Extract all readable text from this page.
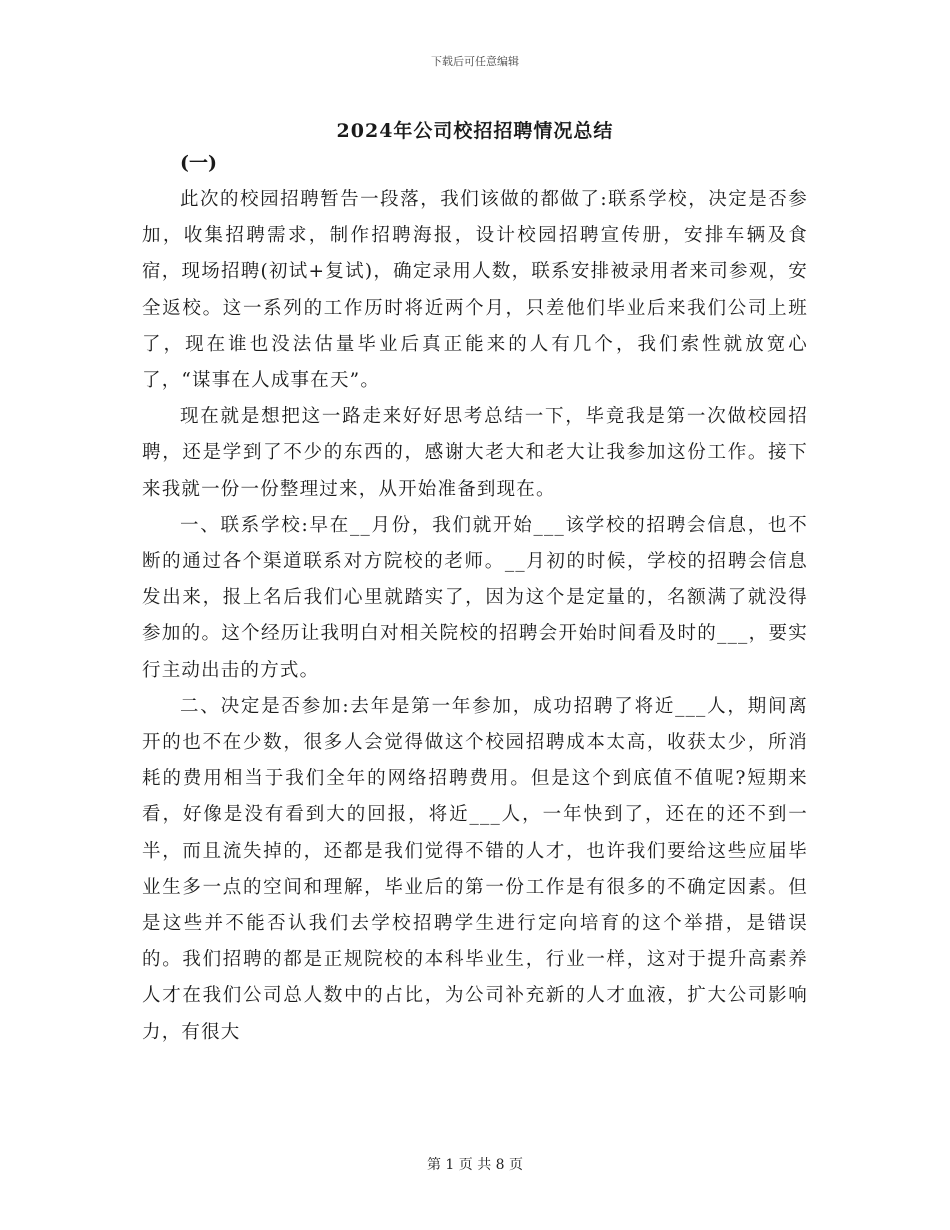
下载后可任意编辑
2024年公司校招招聘情况总结

(一)

此次的校园招聘暂告一段落，我们该做的都做了:联系学校，决定是否参加，收集招聘需求，制作招聘海报，设计校园招聘宣传册，安排车辆及食宿，现场招聘(初试+复试)，确定录用人数，联系安排被录用者来司参观，安全返校。这一系列的工作历时将近两个月，只差他们毕业后来我们公司上班了，现在谁也没法估量毕业后真正能来的人有几个，我们索性就放宽心了，“谋事在人成事在天”。

现在就是想把这一路走来好好思考总结一下，毕竟我是第一次做校园招聘，还是学到了不少的东西的，感谢大老大和老大让我参加这份工作。接下来我就一份一份整理过来，从开始准备到现在。

一、联系学校:早在__月份，我们就开始___该学校的招聘会信息，也不断的通过各个渠道联系对方院校的老师。__月初的时候，学校的招聘会信息发出来，报上名后我们心里就踏实了，因为这个是定量的，名额满了就没得参加的。这个经历让我明白对相关院校的招聘会开始时间看及时的___，要实行主动出击的方式。

二、决定是否参加:去年是第一年参加，成功招聘了将近___人，期间离开的也不在少数，很多人会觉得做这个校园招聘成本太高，收获太少，所消耗的费用相当于我们全年的网络招聘费用。但是这个到底值不值呢?短期来看，好像是没有看到大的回报，将近___人，一年快到了，还在的还不到一半，而且流失掉的，还都是我们觉得不错的人才，也许我们要给这些应届毕业生多一点的空间和理解，毕业后的第一份工作是有很多的不确定因素。但是这些并不能否认我们去学校招聘学生进行定向培育的这个举措，是错误的。我们招聘的都是正规院校的本科毕业生，行业一样，这对于提升高素养人才在我们公司总人数中的占比，为公司补充新的人才血液，扩大公司影响力，有很大

第 1 页 共 8 页
